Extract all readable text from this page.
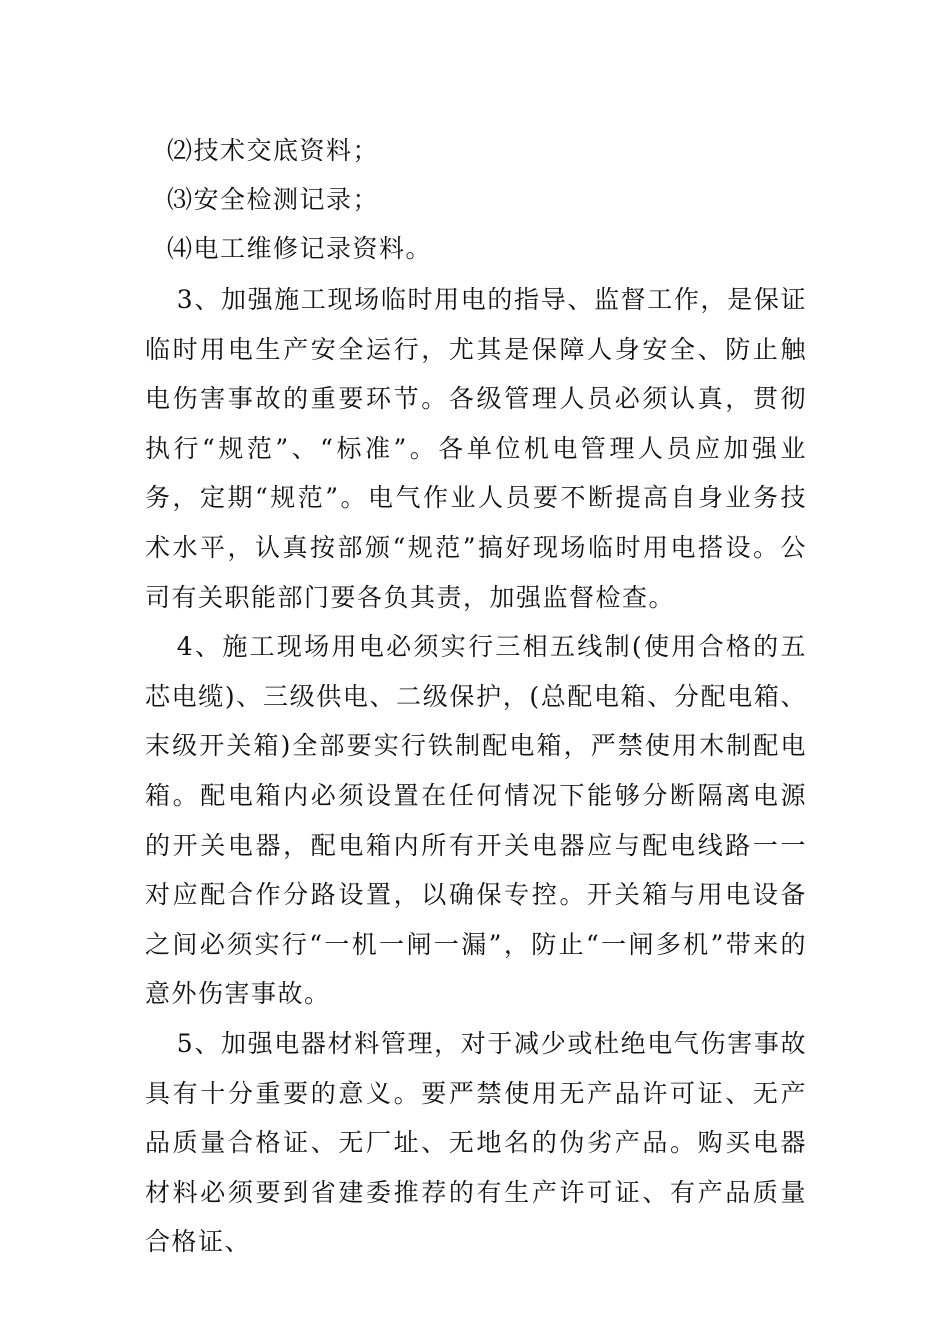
⑵技术交底资料；
⑶安全检测记录；
⑷电工维修记录资料。

3、加强施工现场临时用电的指导、监督工作，是保证临时用电生产安全运行，尤其是保障人身安全、防止触电伤害事故的重要环节。各级管理人员必须认真，贯彻执行“规范”、“标准”。各单位机电管理人员应加强业务，定期“规范”。电气作业人员要不断提高自身业务技术水平，认真按部颁“规范”搞好现场临时用电搭设。公司有关职能部门要各负其责，加强监督检查。

4、施工现场用电必须实行三相五线制(使用合格的五芯电缆)、三级供电、二级保护，(总配电箱、分配电箱、末级开关箱)全部要实行铁制配电箱，严禁使用木制配电箱。配电箱内必须设置在任何情况下能够分断隔离电源的开关电器，配电箱内所有开关电器应与配电线路一一对应配合作分路设置，以确保专控。开关箱与用电设备之间必须实行“一机一闸一漏”，防止“一闸多机”带来的意外伤害事故。

5、加强电器材料管理，对于减少或杜绝电气伤害事故具有十分重要的意义。要严禁使用无产品许可证、无产品质量合格证、无厂址、无地名的伪劣产品。购买电器材料必须要到省建委推荐的有生产许可证、有产品质量合格证、
